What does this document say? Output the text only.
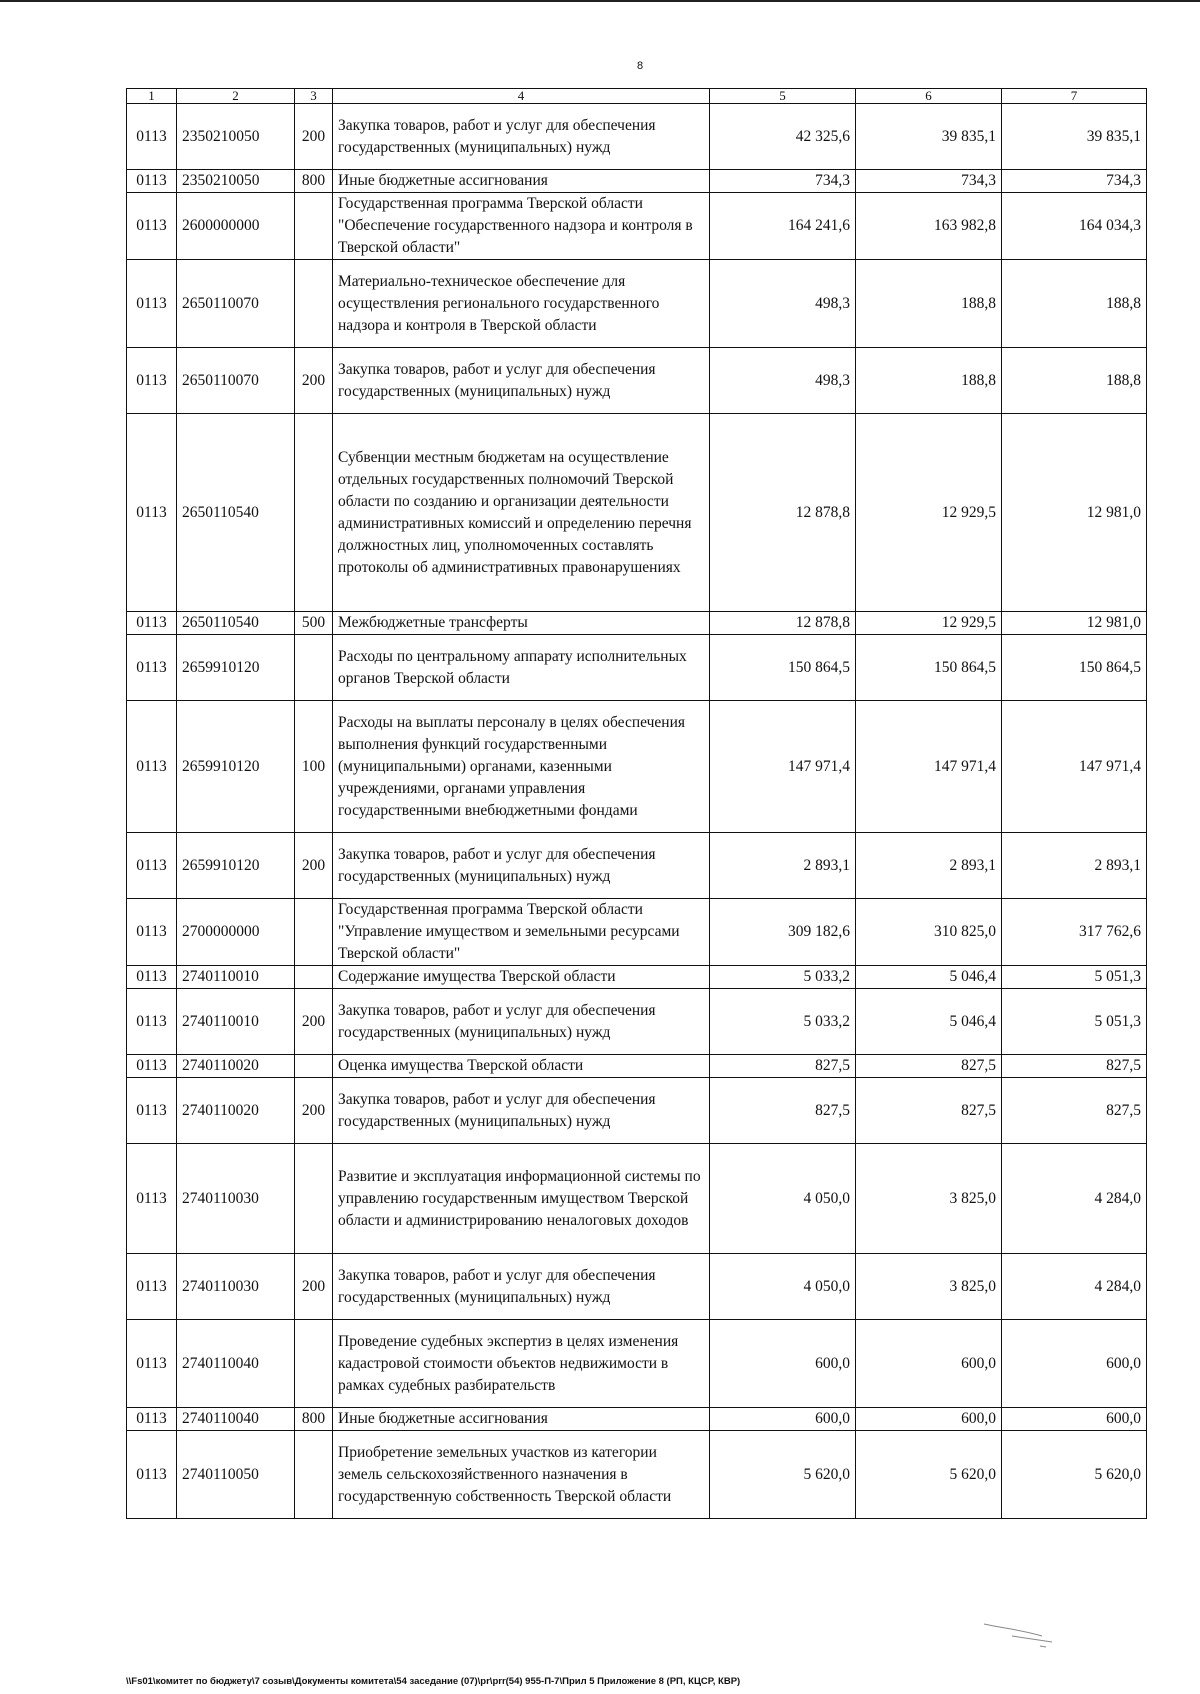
8
1	2	3	4	5	6	7
0113	2350210050	200	Закупка товаров, работ и услуг для обеспечения государственных (муниципальных) нужд	42 325,6	39 835,1	39 835,1
0113	2350210050	800	Иные бюджетные ассигнования	734,3	734,3	734,3
0113	2600000000		Государственная программа Тверской области "Обеспечение государственного надзора и контроля в Тверской области"	164 241,6	163 982,8	164 034,3
0113	2650110070		Материально-техническое обеспечение для осуществления регионального государственного надзора и контроля в Тверской области	498,3	188,8	188,8
0113	2650110070	200	Закупка товаров, работ и услуг для обеспечения государственных (муниципальных) нужд	498,3	188,8	188,8
0113	2650110540		Субвенции местным бюджетам на осуществление отдельных государственных полномочий Тверской области по созданию и организации деятельности административных комиссий и определению перечня должностных лиц, уполномоченных составлять протоколы об административных правонарушениях	12 878,8	12 929,5	12 981,0
0113	2650110540	500	Межбюджетные трансферты	12 878,8	12 929,5	12 981,0
0113	2659910120		Расходы по центральному аппарату исполнительных органов Тверской области	150 864,5	150 864,5	150 864,5
0113	2659910120	100	Расходы на выплаты персоналу в целях обеспечения выполнения функций государственными (муниципальными) органами, казенными учреждениями, органами управления государственными внебюджетными фондами	147 971,4	147 971,4	147 971,4
0113	2659910120	200	Закупка товаров, работ и услуг для обеспечения государственных (муниципальных) нужд	2 893,1	2 893,1	2 893,1
0113	2700000000		Государственная программа Тверской области "Управление имуществом и земельными ресурсами Тверской области"	309 182,6	310 825,0	317 762,6
0113	2740110010		Содержание имущества Тверской области	5 033,2	5 046,4	5 051,3
0113	2740110010	200	Закупка товаров, работ и услуг для обеспечения государственных (муниципальных) нужд	5 033,2	5 046,4	5 051,3
0113	2740110020		Оценка имущества Тверской области	827,5	827,5	827,5
0113	2740110020	200	Закупка товаров, работ и услуг для обеспечения государственных (муниципальных) нужд	827,5	827,5	827,5
0113	2740110030		Развитие и эксплуатация информационной системы по управлению государственным имуществом Тверской области и администрированию неналоговых доходов	4 050,0	3 825,0	4 284,0
0113	2740110030	200	Закупка товаров, работ и услуг для обеспечения государственных (муниципальных) нужд	4 050,0	3 825,0	4 284,0
0113	2740110040		Проведение судебных экспертиз в целях изменения кадастровой стоимости объектов недвижимости в рамках судебных разбирательств	600,0	600,0	600,0
0113	2740110040	800	Иные бюджетные ассигнования	600,0	600,0	600,0
0113	2740110050		Приобретение земельных участков из категории земель сельскохозяйственного назначения в государственную собственность Тверской области	5 620,0	5 620,0	5 620,0
\\Fs01\комитет по бюджету\7 созыв\Документы комитета\54 заседание (07)\pr\prr(54) 955-П-7\Прил 5 Приложение 8 (РП, КЦСР, КВР)
